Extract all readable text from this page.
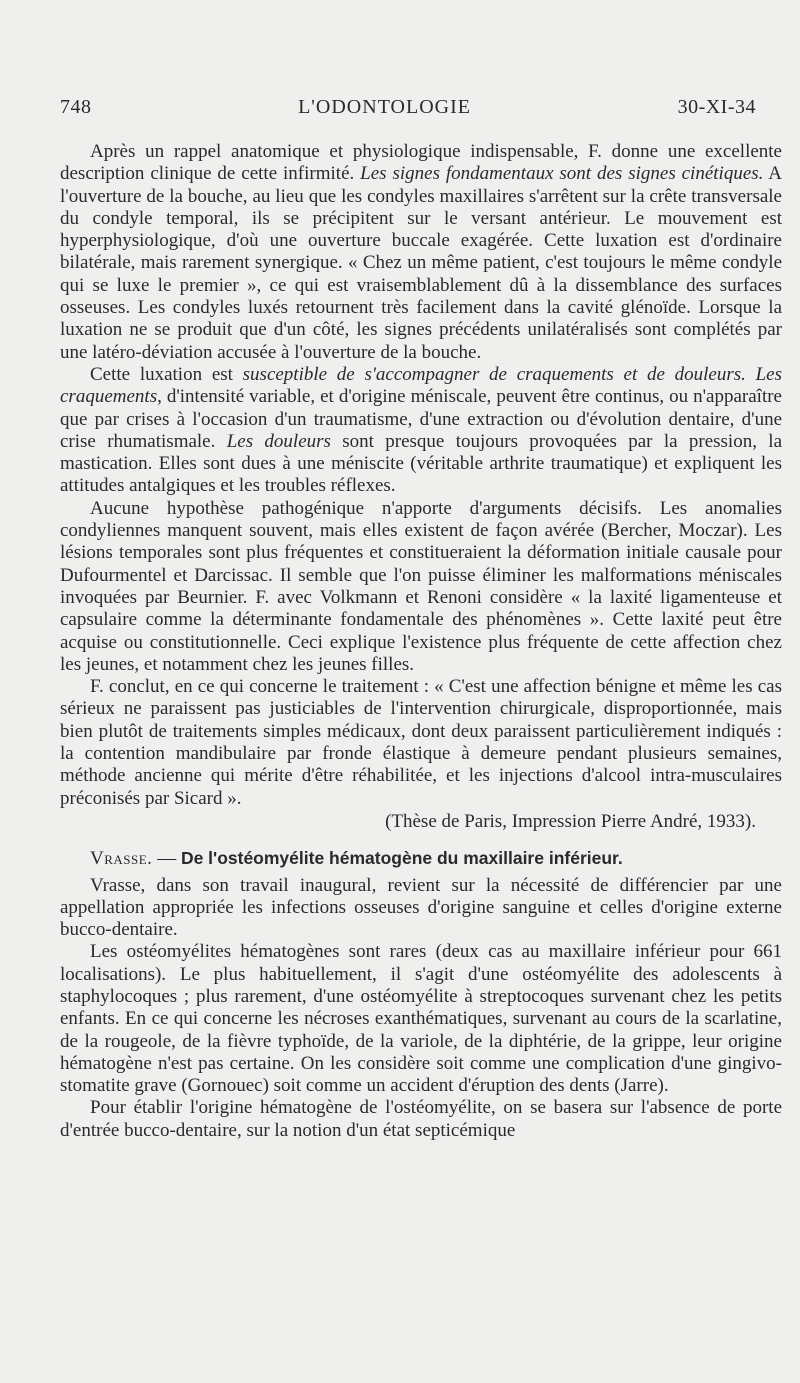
748	L'ODONTOLOGIE	30-XI-34

Après un rappel anatomique et physiologique indispensable, F. donne une excellente description clinique de cette infirmité. Les signes fondamentaux sont des signes cinétiques. A l'ouverture de la bouche, au lieu que les condyles maxillaires s'arrêtent sur la crête transversale du condyle temporal, ils se précipitent sur le versant antérieur. Le mouvement est hyperphysiologique, d'où une ouverture buccale exagérée. Cette luxation est d'ordinaire bilatérale, mais rarement synergique. « Chez un même patient, c'est toujours le même condyle qui se luxe le premier », ce qui est vraisemblablement dû à la dissemblance des surfaces osseuses. Les condyles luxés retournent très facilement dans la cavité glénoïde. Lorsque la luxation ne se produit que d'un côté, les signes précédents unilatéralisés sont complétés par une latéro-déviation accusée à l'ouverture de la bouche.

Cette luxation est susceptible de s'accompagner de craquements et de douleurs. Les craquements, d'intensité variable, et d'origine méniscale, peuvent être continus, ou n'apparaître que par crises à l'occasion d'un traumatisme, d'une extraction ou d'évolution dentaire, d'une crise rhumatismale. Les douleurs sont presque toujours provoquées par la pression, la mastication. Elles sont dues à une méniscite (véritable arthrite traumatique) et expliquent les attitudes antalgiques et les troubles réflexes.

Aucune hypothèse pathogénique n'apporte d'arguments décisifs. Les anomalies condyliennes manquent souvent, mais elles existent de façon avérée (Bercher, Moczar). Les lésions temporales sont plus fréquentes et constitueraient la déformation initiale causale pour Dufourmentel et Darcissac. Il semble que l'on puisse éliminer les malformations méniscales invoquées par Beurnier. F. avec Volkmann et Renoni considère « la laxité ligamenteuse et capsulaire comme la déterminante fondamentale des phénomènes ». Cette laxité peut être acquise ou constitutionnelle. Ceci explique l'existence plus fréquente de cette affection chez les jeunes, et notamment chez les jeunes filles.

F. conclut, en ce qui concerne le traitement : « C'est une affection bénigne et même les cas sérieux ne paraissent pas justiciables de l'intervention chirurgicale, disproportionnée, mais bien plutôt de traitements simples médicaux, dont deux paraissent particulièrement indiqués : la contention mandibulaire par fronde élastique à demeure pendant plusieurs semaines, méthode ancienne qui mérite d'être réhabilitée, et les injections d'alcool intra-musculaires préconisés par Sicard ».

(Thèse de Paris, Impression Pierre André, 1933).

Vrasse. — De l'ostéomyélite hématogène du maxillaire inférieur.

Vrasse, dans son travail inaugural, revient sur la nécessité de différencier par une appellation appropriée les infections osseuses d'origine sanguine et celles d'origine externe bucco-dentaire.

Les ostéomyélites hématogènes sont rares (deux cas au maxillaire inférieur pour 661 localisations). Le plus habituellement, il s'agit d'une ostéomyélite des adolescents à staphylocoques ; plus rarement, d'une ostéomyélite à streptocoques survenant chez les petits enfants. En ce qui concerne les nécroses exanthématiques, survenant au cours de la scarlatine, de la rougeole, de la fièvre typhoïde, de la variole, de la diphtérie, de la grippe, leur origine hématogène n'est pas certaine. On les considère soit comme une complication d'une gingivo-stomatite grave (Gornouec) soit comme un accident d'éruption des dents (Jarre).

Pour établir l'origine hématogène de l'ostéomyélite, on se basera sur l'absence de porte d'entrée bucco-dentaire, sur la notion d'un état septicémique
